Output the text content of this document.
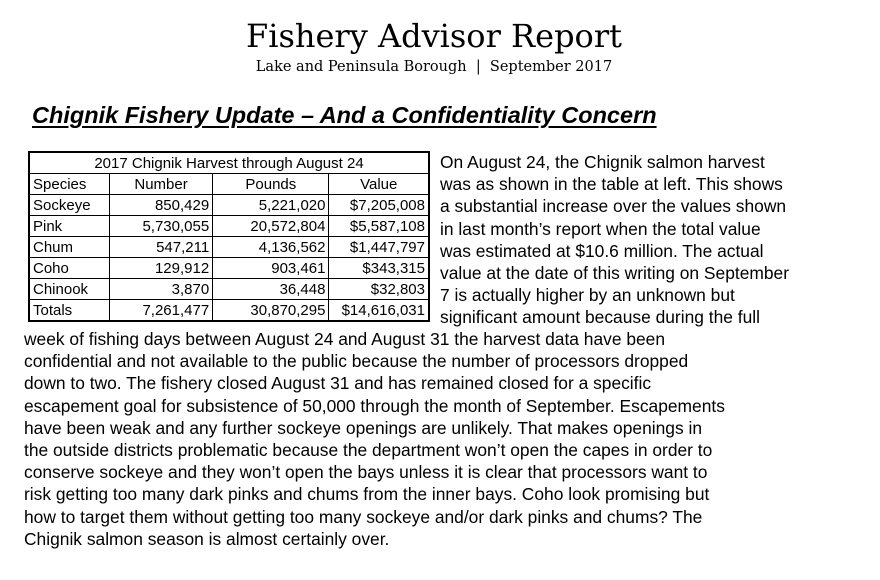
Fishery Advisor Report
Lake and Peninsula Borough  |  September 2017
Chignik Fishery Update – And a Confidentiality Concern
2017 Chignik Harvest through August 24			
Species	Number	Pounds	Value
Sockeye	850,429	5,221,020	$7,205,008
Pink	5,730,055	20,572,804	$5,587,108
Chum	547,211	4,136,562	$1,447,797
Coho	129,912	903,461	$343,315
Chinook	3,870	36,448	$32,803
Totals	7,261,477	30,870,295	$14,616,031
On August 24, the Chignik salmon harvest
was as shown in the table at left. This shows
a substantial increase over the values shown
in last month’s report when the total value
was estimated at $10.6 million. The actual
value at the date of this writing on September
7 is actually higher by an unknown but
significant amount because during the full
week of fishing days between August 24 and August 31 the harvest data have been
confidential and not available to the public because the number of processors dropped
down to two. The fishery closed August 31 and has remained closed for a specific
escapement goal for subsistence of 50,000 through the month of September. Escapements
have been weak and any further sockeye openings are unlikely. That makes openings in
the outside districts problematic because the department won’t open the capes in order to
conserve sockeye and they won’t open the bays unless it is clear that processors want to
risk getting too many dark pinks and chums from the inner bays. Coho look promising but
how to target them without getting too many sockeye and/or dark pinks and chums? The
Chignik salmon season is almost certainly over.
